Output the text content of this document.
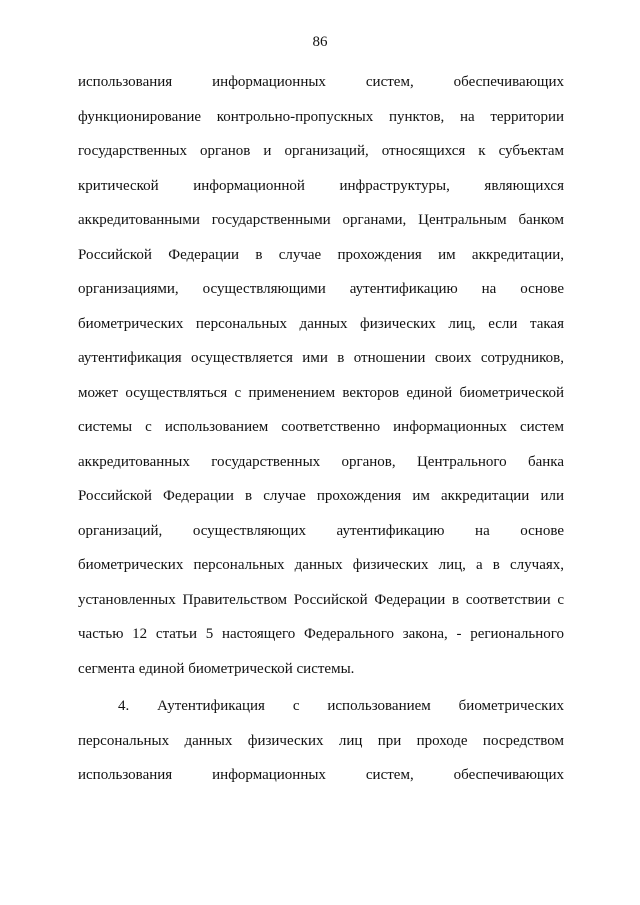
86
использования информационных систем, обеспечивающих
функционирование контрольно-пропускных пунктов, на территории
государственных органов и организаций, относящихся к субъектам
критической информационной инфраструктуры, являющихся
аккредитованными государственными органами, Центральным банком
Российской Федерации в случае прохождения им аккредитации,
организациями, осуществляющими аутентификацию на основе
биометрических персональных данных физических лиц, если такая
аутентификация осуществляется ими в отношении своих сотрудников,
может осуществляться с применением векторов единой биометрической
системы с использованием соответственно информационных систем
аккредитованных государственных органов, Центрального банка
Российской Федерации в случае прохождения им аккредитации или
организаций, осуществляющих аутентификацию на основе
биометрических персональных данных физических лиц, а в случаях,
установленных Правительством Российской Федерации в соответствии с
частью 12 статьи 5 настоящего Федерального закона, - регионального
сегмента единой биометрической системы.
4. Аутентификация с использованием биометрических
персональных данных физических лиц при проходе посредством
использования информационных систем, обеспечивающих
